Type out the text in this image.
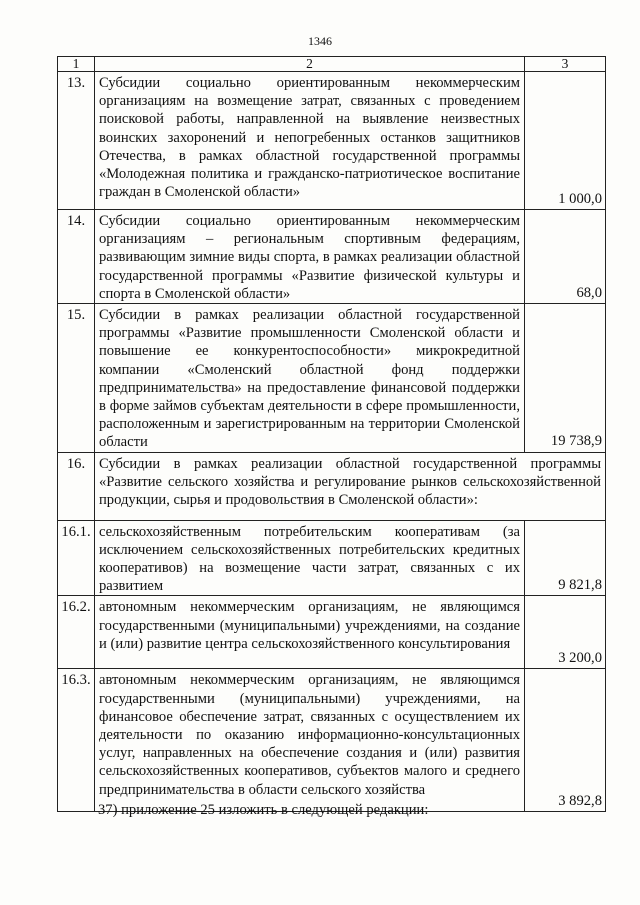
1346
1	2	3
13.	Субсидии социально ориентированным некоммерческим организациям на возмещение затрат, связанных с проведением поисковой работы, направленной на выявление неизвестных воинских захоронений и непогребенных останков защитников Отечества, в рамках областной государственной программы «Молодежная политика и гражданско-патриотическое воспитание граждан в Смоленской области»	1 000,0
14.	Субсидии социально ориентированным некоммерческим организациям – региональным спортивным федерациям, развивающим зимние виды спорта, в рамках реализации областной государственной программы «Развитие физической культуры и спорта в Смоленской области»	68,0
15.	Субсидии в рамках реализации областной государственной программы «Развитие промышленности Смоленской области и повышение ее конкурентоспособности» микрокредитной компании «Смоленский областной фонд поддержки предпринимательства» на предоставление финансовой поддержки в форме займов субъектам деятельности в сфере промышленности, расположенным и зарегистрированным на территории Смоленской области	19 738,9
16.	Субсидии в рамках реализации областной государственной программы «Развитие сельского хозяйства и регулирование рынков сельскохозяйственной продукции, сырья и продовольствия в Смоленской области»:	
16.1.	сельскохозяйственным потребительским кооперативам (за исключением сельскохозяйственных потребительских кредитных кооперативов) на возмещение части затрат, связанных с их развитием	9 821,8
16.2.	автономным некоммерческим организациям, не являющимся государственными (муниципальными) учреждениями, на создание и (или) развитие центра сельскохозяйственного консультирования	3 200,0
16.3.	автономным некоммерческим организациям, не являющимся государственными (муниципальными) учреждениями, на финансовое обеспечение затрат, связанных с осуществлением их деятельности по оказанию информационно-консультационных услуг, направленных на обеспечение создания и (или) развития сельскохозяйственных кооперативов, субъектов малого и среднего предпринимательства в области сельского хозяйства	3 892,8
37) приложение 25 изложить в следующей редакции:
